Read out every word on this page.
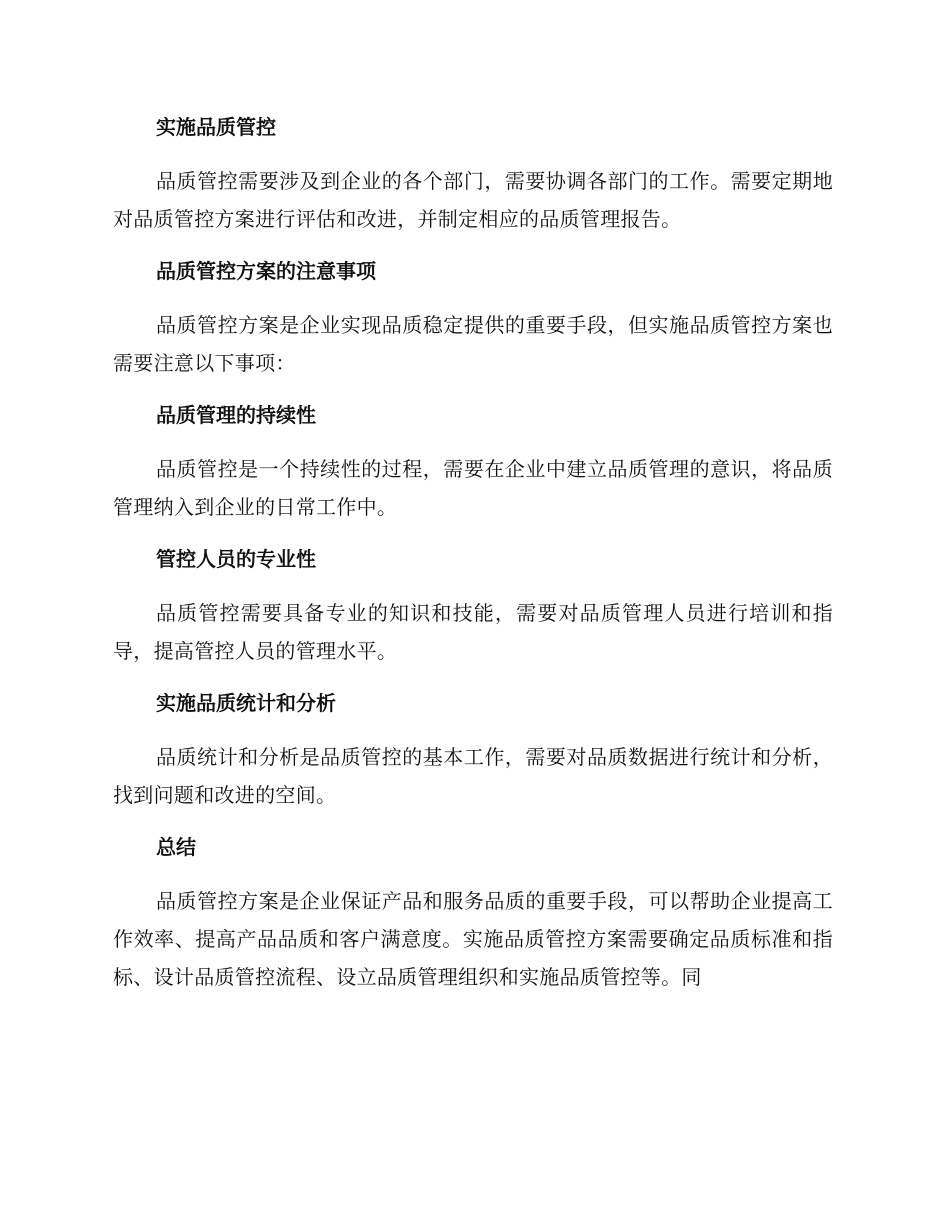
实施品质管控

品质管控需要涉及到企业的各个部门，需要协调各部门的工作。需要定期地对品质管控方案进行评估和改进，并制定相应的品质管理报告。

品质管控方案的注意事项

品质管控方案是企业实现品质稳定提供的重要手段，但实施品质管控方案也需要注意以下事项：

品质管理的持续性

品质管控是一个持续性的过程，需要在企业中建立品质管理的意识，将品质管理纳入到企业的日常工作中。

管控人员的专业性

品质管控需要具备专业的知识和技能，需要对品质管理人员进行培训和指导，提高管控人员的管理水平。

实施品质统计和分析

品质统计和分析是品质管控的基本工作，需要对品质数据进行统计和分析，找到问题和改进的空间。

总结

品质管控方案是企业保证产品和服务品质的重要手段，可以帮助企业提高工作效率、提高产品品质和客户满意度。实施品质管控方案需要确定品质标准和指标、设计品质管控流程、设立品质管理组织和实施品质管控等。同
